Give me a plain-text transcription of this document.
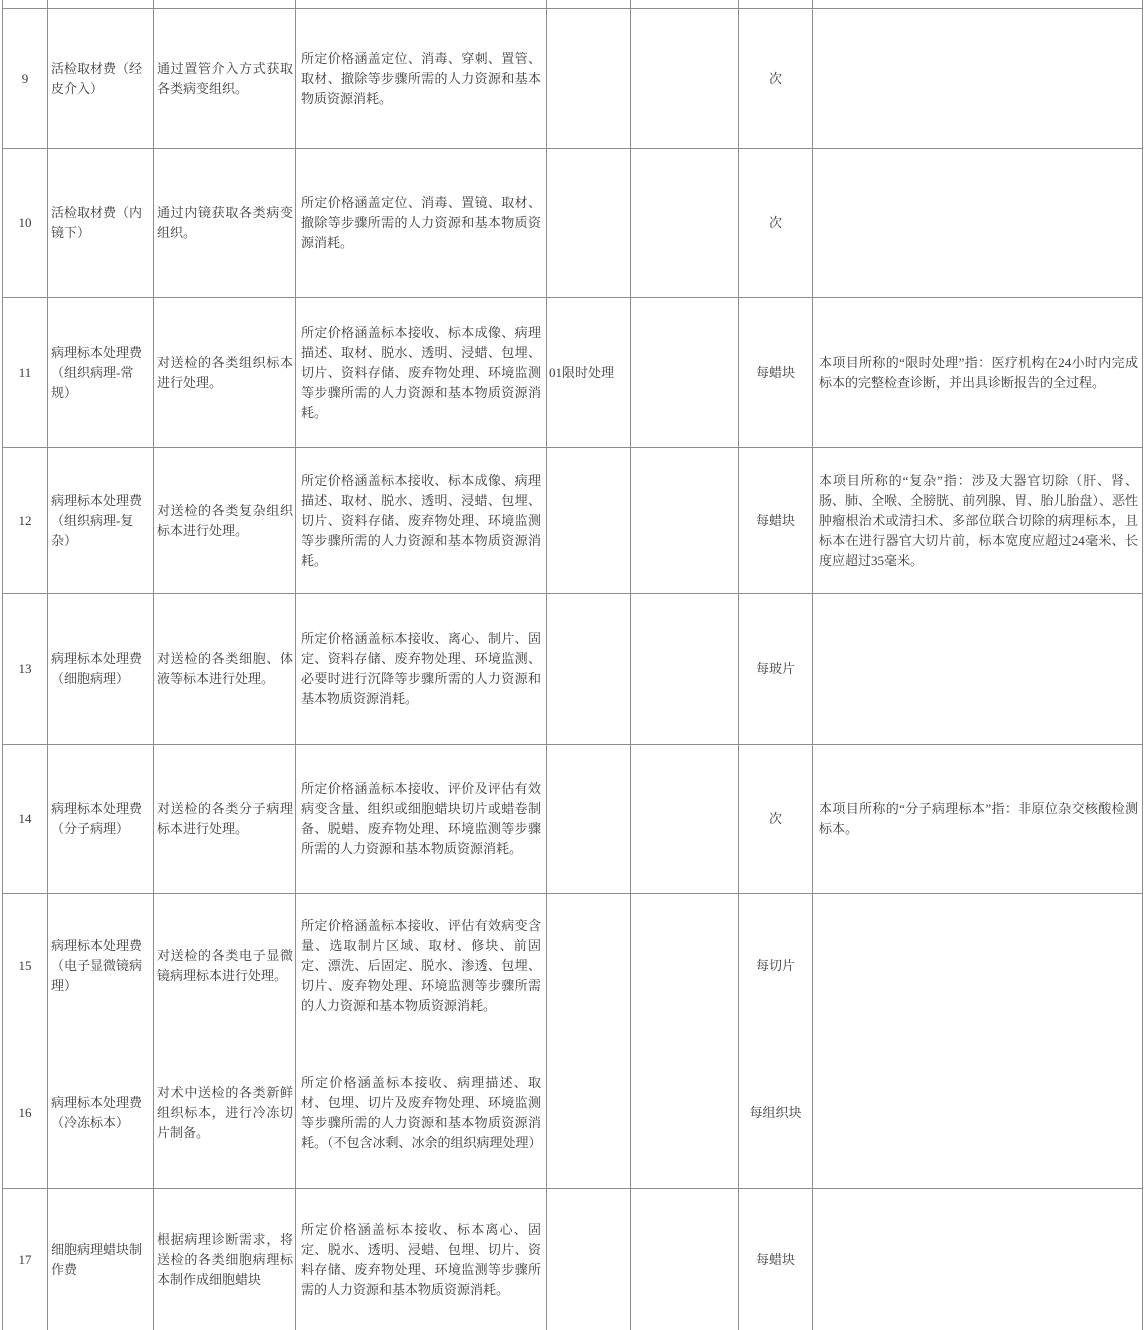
9
活检取材费（经皮介入）
通过置管介入方式获取各类病变组织。
所定价格涵盖定位、消毒、穿刺、置管、取材、撤除等步骤所需的人力资源和基本物质资源消耗。
次
10
活检取材费（内镜下）
通过内镜获取各类病变组织。
所定价格涵盖定位、消毒、置镜、取材、撤除等步骤所需的人力资源和基本物质资源消耗。
次
11
病理标本处理费（组织病理-常规）
对送检的各类组织标本进行处理。
所定价格涵盖标本接收、标本成像、病理描述、取材、脱水、透明、浸蜡、包埋、切片、资料存储、废弃物处理、环境监测等步骤所需的人力资源和基本物质资源消耗。
01限时处理	每蜡块
本项目所称的“限时处理”指：医疗机构在24小时内完成标本的完整检查诊断，并出具诊断报告的全过程。
12
病理标本处理费（组织病理-复杂）
对送检的各类复杂组织标本进行处理。
所定价格涵盖标本接收、标本成像、病理描述、取材、脱水、透明、浸蜡、包埋、切片、资料存储、废弃物处理、环境监测等步骤所需的人力资源和基本物质资源消耗。
每蜡块
本项目所称的“复杂”指：涉及大器官切除（肝、肾、肠、肺、全喉、全膀胱、前列腺、胃、胎儿胎盘）、恶性肿瘤根治术或清扫术、多部位联合切除的病理标本，且标本在进行器官大切片前，标本宽度应超过24毫米、长度应超过35毫米。
13
病理标本处理费（细胞病理）
对送检的各类细胞、体液等标本进行处理。
所定价格涵盖标本接收、离心、制片、固定、资料存储、废弃物处理、环境监测、必要时进行沉降等步骤所需的人力资源和基本物质资源消耗。
每玻片
14
病理标本处理费（分子病理）
对送检的各类分子病理标本进行处理。
所定价格涵盖标本接收、评价及评估有效病变含量、组织或细胞蜡块切片或蜡卷制备、脱蜡、废弃物处理、环境监测等步骤所需的人力资源和基本物质资源消耗。
次
本项目所称的“分子病理标本”指：非原位杂交核酸检测标本。
15
病理标本处理费（电子显微镜病理）
对送检的各类电子显微镜病理标本进行处理。
所定价格涵盖标本接收、评估有效病变含量、选取制片区域、取材、修块、前固定、漂洗、后固定、脱水、渗透、包埋、切片、废弃物处理、环境监测等步骤所需的人力资源和基本物质资源消耗。
每切片
16
病理标本处理费（冷冻标本）
对术中送检的各类新鲜组织标本，进行冷冻切片制备。
所定价格涵盖标本接收、病理描述、取材、包埋、切片及废弃物处理、环境监测等步骤所需的人力资源和基本物质资源消耗。（不包含冰剩、冰余的组织病理处理）
每组织块
17
细胞病理蜡块制作费
根据病理诊断需求，将送检的各类细胞病理标本制作成细胞蜡块
所定价格涵盖标本接收、标本离心、固定、脱水、透明、浸蜡、包埋、切片、资料存储、废弃物处理、环境监测等步骤所需的人力资源和基本物质资源消耗。
每蜡块
